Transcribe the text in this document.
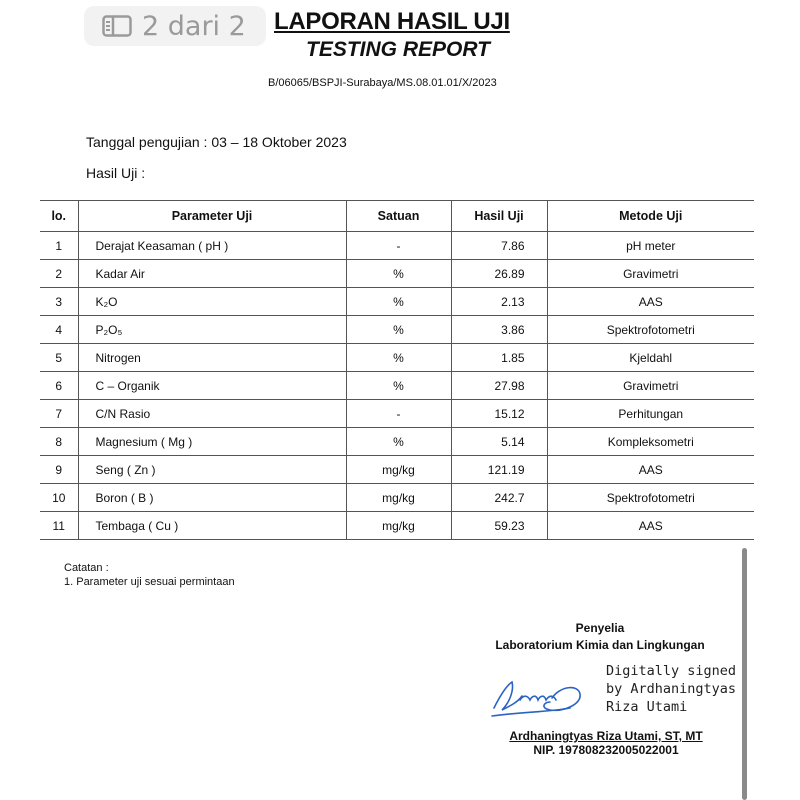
2 dari 2 LAPORAN HASIL UJI
TESTING REPORT
B/06065/BSPJI-Surabaya/MS.08.01.01/X/2023
Tanggal pengujian : 03 – 18 Oktober 2023
Hasil Uji :
lo.	Parameter Uji	Satuan	Hasil Uji	Metode Uji
1	Derajat Keasaman ( pH )	-	7.86	pH meter
2	Kadar Air	%	26.89	Gravimetri
3	K₂O	%	2.13	AAS
4	P₂O₅	%	3.86	Spektrofotometri
5	Nitrogen	%	1.85	Kjeldahl
6	C – Organik	%	27.98	Gravimetri
7	C/N Rasio	-	15.12	Perhitungan
8	Magnesium ( Mg )	%	5.14	Kompleksometri
9	Seng ( Zn )	mg/kg	121.19	AAS
10	Boron ( B )	mg/kg	242.7	Spektrofotometri
11	Tembaga ( Cu )	mg/kg	59.23	AAS
Catatan :
1. Parameter uji sesuai permintaan
Penyelia
Laboratorium Kimia dan Lingkungan
Digitally signed
by Ardhaningtyas
Riza Utami
Ardhaningtyas Riza Utami, ST, MT
NIP. 197808232005022001
